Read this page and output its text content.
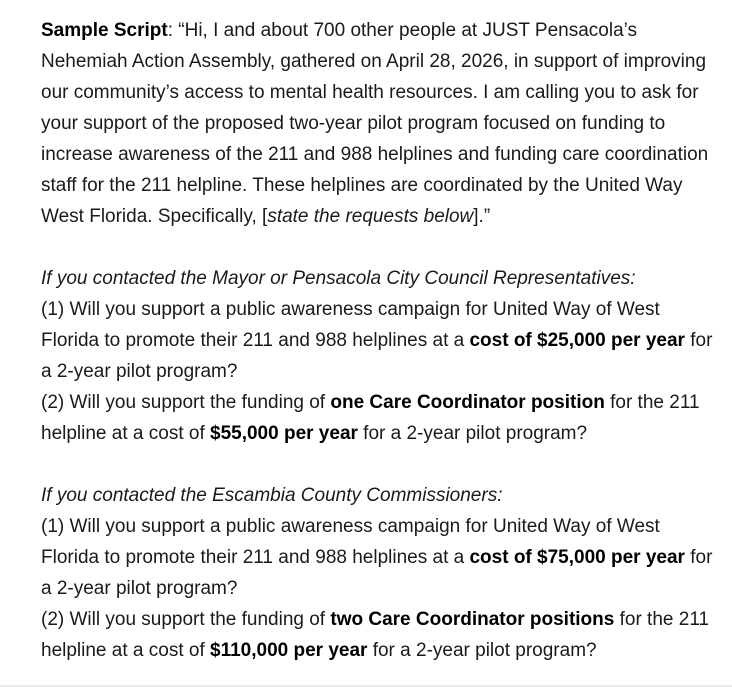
Sample Script: “Hi, I and about 700 other people at JUST Pensacola’s Nehemiah Action Assembly, gathered on April 28, 2026, in support of improving our community’s access to mental health resources. I am calling you to ask for your support of the proposed two-year pilot program focused on funding to increase awareness of the 211 and 988 helplines and funding care coordination staff for the 211 helpline. These helplines are coordinated by the United Way West Florida. Specifically, [state the requests below].”

If you contacted the Mayor or Pensacola City Council Representatives:

(1) Will you support a public awareness campaign for United Way of West Florida to promote their 211 and 988 helplines at a cost of $25,000 per year for a 2-year pilot program?

(2) Will you support the funding of one Care Coordinator position for the 211 helpline at a cost of $55,000 per year for a 2-year pilot program?

If you contacted the Escambia County Commissioners:

(1) Will you support a public awareness campaign for United Way of West Florida to promote their 211 and 988 helplines at a cost of $75,000 per year for a 2-year pilot program?

(2) Will you support the funding of two Care Coordinator positions for the 211 helpline at a cost of $110,000 per year for a 2-year pilot program?
